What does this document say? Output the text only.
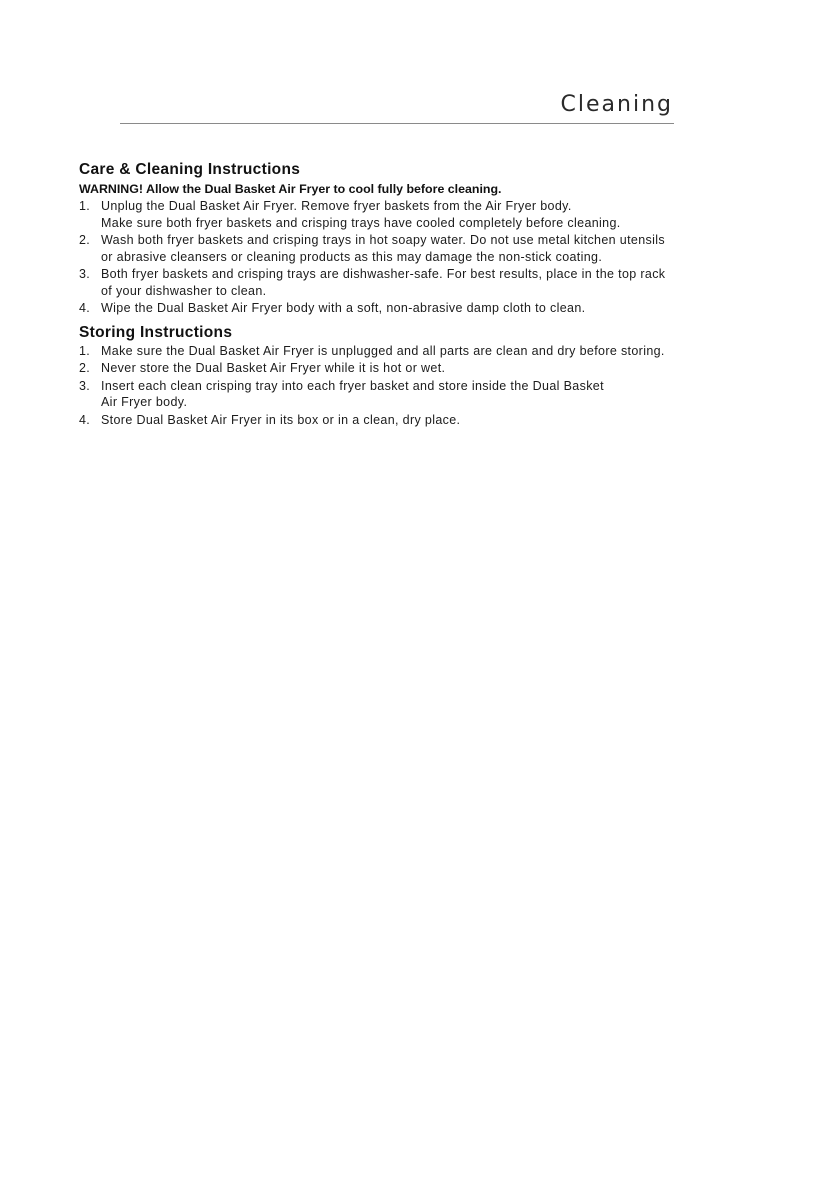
Cleaning
Care & Cleaning Instructions

WARNING! Allow the Dual Basket Air Fryer to cool fully before cleaning.

1. Unplug the Dual Basket Air Fryer. Remove fryer baskets from the Air Fryer body.
Make sure both fryer baskets and crisping trays have cooled completely before cleaning.
2. Wash both fryer baskets and crisping trays in hot soapy water. Do not use metal kitchen utensils
or abrasive cleansers or cleaning products as this may damage the non-stick coating.
3. Both fryer baskets and crisping trays are dishwasher-safe. For best results, place in the top rack
of your dishwasher to clean.
4. Wipe the Dual Basket Air Fryer body with a soft, non-abrasive damp cloth to clean.
Storing Instructions
1. Make sure the Dual Basket Air Fryer is unplugged and all parts are clean and dry before storing.
2. Never store the Dual Basket Air Fryer while it is hot or wet.
3. Insert each clean crisping tray into each fryer basket and store inside the Dual Basket
Air Fryer body.
4. Store Dual Basket Air Fryer in its box or in a clean, dry place.
